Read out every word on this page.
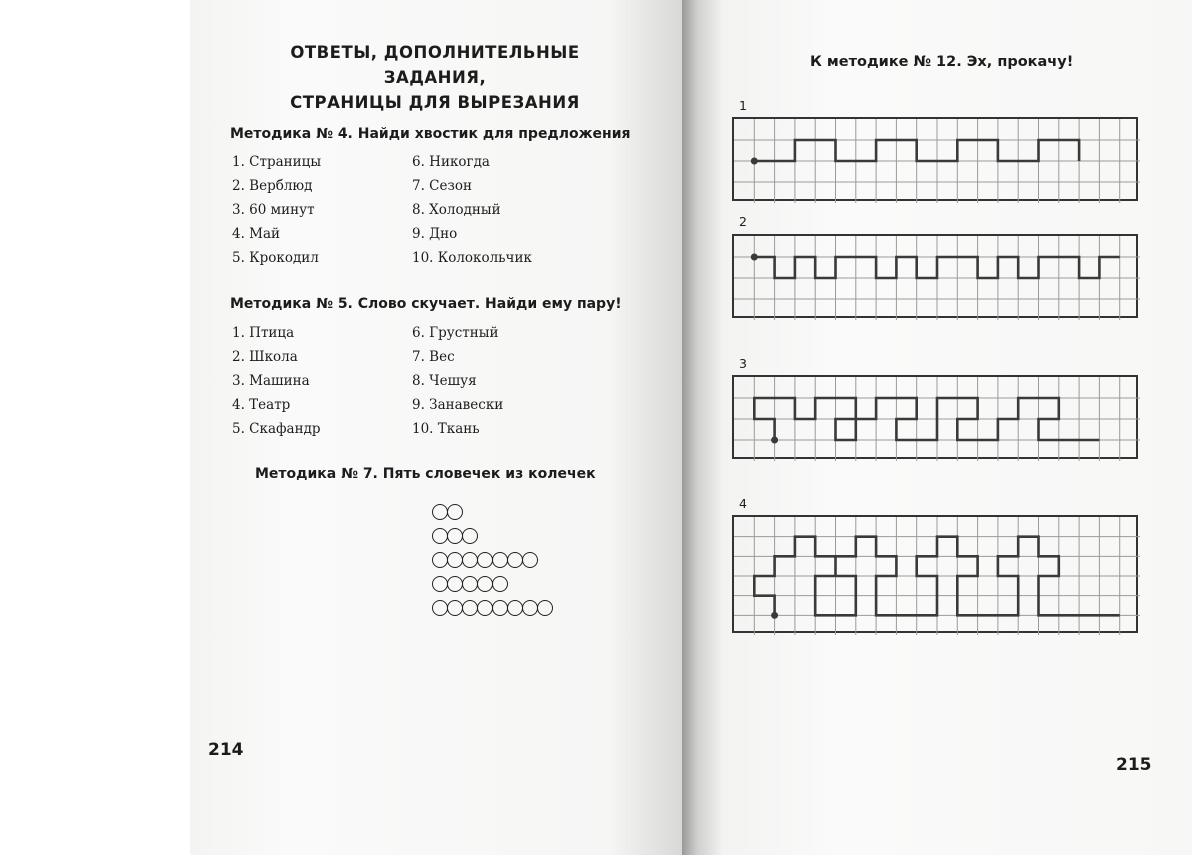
ОТВЕТЫ, ДОПОЛНИТЕЛЬНЫЕ ЗАДАНИЯ,
СТРАНИЦЫ ДЛЯ ВЫРЕЗАНИЯ
Методика № 4. Найди хвостик для предложения
1. Страницы
2. Верблюд
3. 60 минут
4. Май
5. Крокодил
6. Никогда
7. Сезон
8. Холодный
9. Дно
10. Колокольчик
Методика № 5. Слово скучает. Найди ему пару!
1. Птица
2. Школа
3. Машина
4. Театр
5. Скафандр
6. Грустный
7. Вес
8. Чешуя
9. Занавески
10. Ткань
Методика № 7. Пять словечек из колечек
214
К методике № 12. Эх, прокачу!
1
2
3
4
215
